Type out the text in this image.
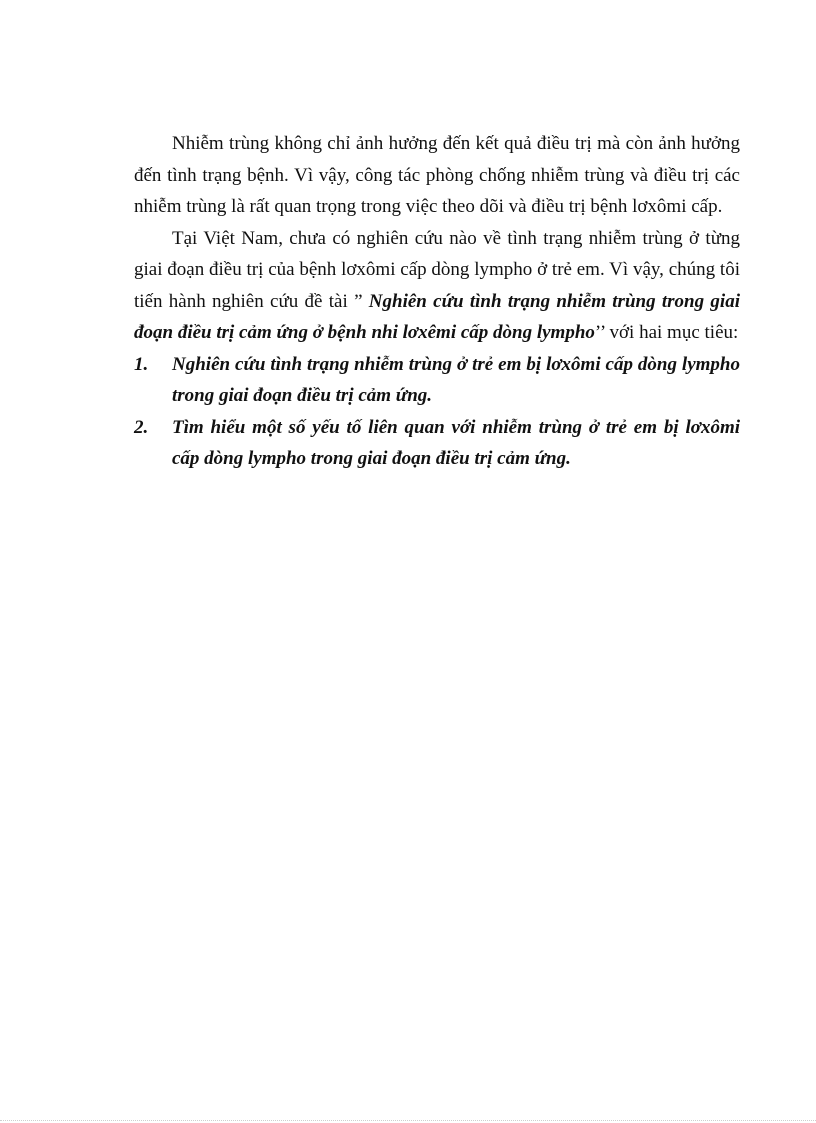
Nhiễm trùng không chỉ ảnh hưởng đến kết quả điều trị mà còn ảnh hưởng đến tình trạng bệnh. Vì vậy, công tác phòng chống nhiễm trùng và điều trị các nhiễm trùng là rất quan trọng trong việc theo dõi và điều trị bệnh lơxômi cấp.

Tại Việt Nam, chưa có nghiên cứu nào về tình trạng nhiễm trùng ở từng giai đoạn điều trị của bệnh lơxômi cấp dòng lympho ở trẻ em. Vì vậy, chúng tôi tiến hành nghiên cứu đề tài ” Nghiên cứu tình trạng nhiễm trùng trong giai đoạn điều trị cảm ứng ở bệnh nhi lơxêmi cấp dòng lympho’’ với hai mục tiêu:

1. Nghiên cứu tình trạng nhiễm trùng ở trẻ em bị lơxômi cấp dòng lympho trong giai đoạn điều trị cảm ứng.
2. Tìm hiểu một số yếu tố liên quan với nhiễm trùng ở trẻ em bị lơxômi cấp dòng lympho trong giai đoạn điều trị cảm ứng.
